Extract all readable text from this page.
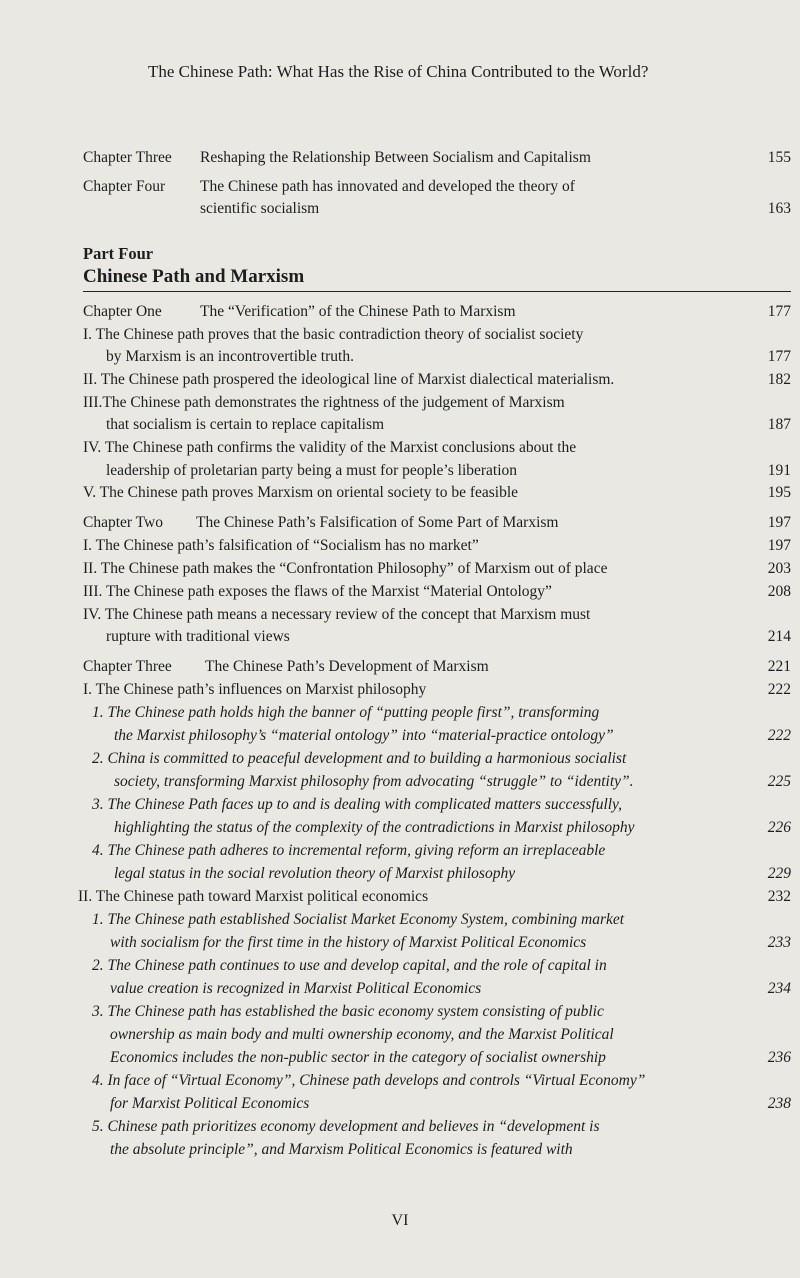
The Chinese Path: What Has the Rise of China Contributed to the World?
Part Four
Chinese Path and Marxism
Chapter Three Reshaping the Relationship Between Socialism and Capitalism	155
Chapter Four The Chinese path has innovated and developed the theory of
scientific socialism	163
Chapter One The “Verification” of the Chinese Path to Marxism	177
I. The Chinese path proves that the basic contradiction theory of socialist society
by Marxism is an incontrovertible truth.	177
II. The Chinese path prospered the ideological line of Marxist dialectical materialism.	182
III.The Chinese path demonstrates the rightness of the judgement of Marxism
that socialism is certain to replace capitalism	187
IV. The Chinese path confirms the validity of the Marxist conclusions about the
leadership of proletarian party being a must for people’s liberation	191
V. The Chinese path proves Marxism on oriental society to be feasible	195
Chapter Two The Chinese Path’s Falsification of Some Part of Marxism	197
I. The Chinese path’s falsification of “Socialism has no market”	197
II. The Chinese path makes the “Confrontation Philosophy” of Marxism out of place	203
III. The Chinese path exposes the flaws of the Marxist “Material Ontology”	208
IV. The Chinese path means a necessary review of the concept that Marxism must
rupture with traditional views	214
Chapter Three The Chinese Path’s Development of Marxism	221
I. The Chinese path’s influences on Marxist philosophy	222
1. The Chinese path holds high the banner of “putting people first”, transforming
the Marxist philosophy’s “material ontology” into “material-practice ontology”	222
2. China is committed to peaceful development and to building a harmonious socialist
society, transforming Marxist philosophy from advocating “struggle” to “identity”.	225
3. The Chinese Path faces up to and is dealing with complicated matters successfully,
highlighting the status of the complexity of the contradictions in Marxist philosophy	226
4. The Chinese path adheres to incremental reform, giving reform an irreplaceable
legal status in the social revolution theory of Marxist philosophy	229
II. The Chinese path toward Marxist political economics	232
1. The Chinese path established Socialist Market Economy System, combining market
with socialism for the first time in the history of Marxist Political Economics	233
2. The Chinese path continues to use and develop capital, and the role of capital in
value creation is recognized in Marxist Political Economics	234
3. The Chinese path has established the basic economy system consisting of public
ownership as main body and multi ownership economy, and the Marxist Political
Economics includes the non-public sector in the category of socialist ownership	236
4. In face of “Virtual Economy”, Chinese path develops and controls “Virtual Economy”
for Marxist Political Economics	238
5. Chinese path prioritizes economy development and believes in “development is
the absolute principle”, and Marxism Political Economics is featured with
VI
